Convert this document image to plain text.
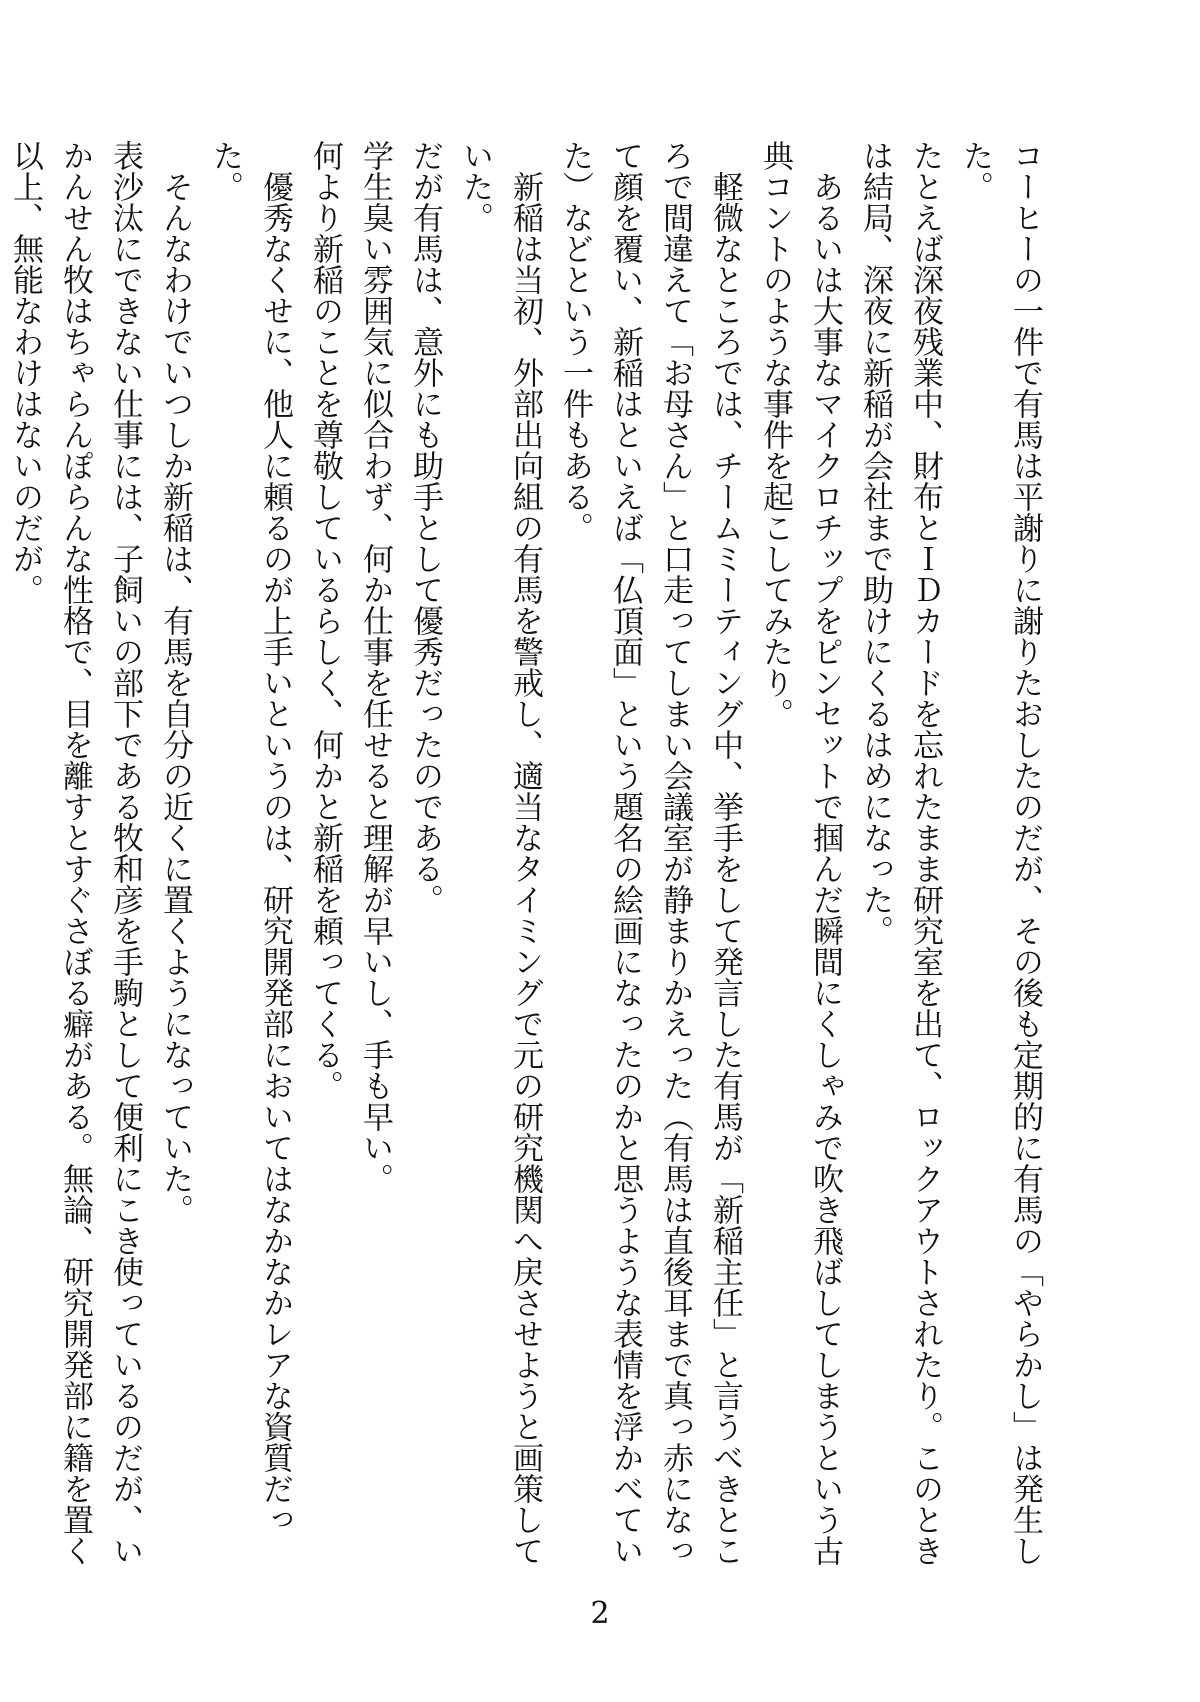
コーヒーの一件で有馬は平謝りに謝りたおしたのだが、その後も定期的に有馬の「やらかし」は発生した。

たとえば深夜残業中、財布とＩＤカードを忘れたまま研究室を出て、ロックアウトされたり。このときは結局、深夜に新稲が会社まで助けにくるはめになった。

あるいは大事なマイクロチップをピンセットで掴んだ瞬間にくしゃみで吹き飛ばしてしまうという古典コントのような事件を起こしてみたり。

軽微なところでは、チームミーティング中、挙手をして発言した有馬が「新稲主任」と言うべきところで間違えて「お母さん」と口走ってしまい会議室が静まりかえった（有馬は直後耳まで真っ赤になって顔を覆い、新稲はといえば「仏頂面」という題名の絵画になったのかと思うような表情を浮かべていた）などという一件もある。

新稲は当初、外部出向組の有馬を警戒し、適当なタイミングで元の研究機関へ戻させようと画策していた。

だが有馬は、意外にも助手として優秀だったのである。

学生臭い雰囲気に似合わず、何か仕事を任せると理解が早いし、手も早い。

何より新稲のことを尊敬しているらしく、何かと新稲を頼ってくる。

優秀なくせに、他人に頼るのが上手いというのは、研究開発部においてはなかなかレアな資質だった。

そんなわけでいつしか新稲は、有馬を自分の近くに置くようになっていた。

表沙汰にできない仕事には、子飼いの部下である牧和彦を手駒として便利にこき使っているのだが、いかんせん牧はちゃらんぽらんな性格で、目を離すとすぐさぼる癖がある。無論、研究開発部に籍を置く以上、無能なわけはないのだが。

2
